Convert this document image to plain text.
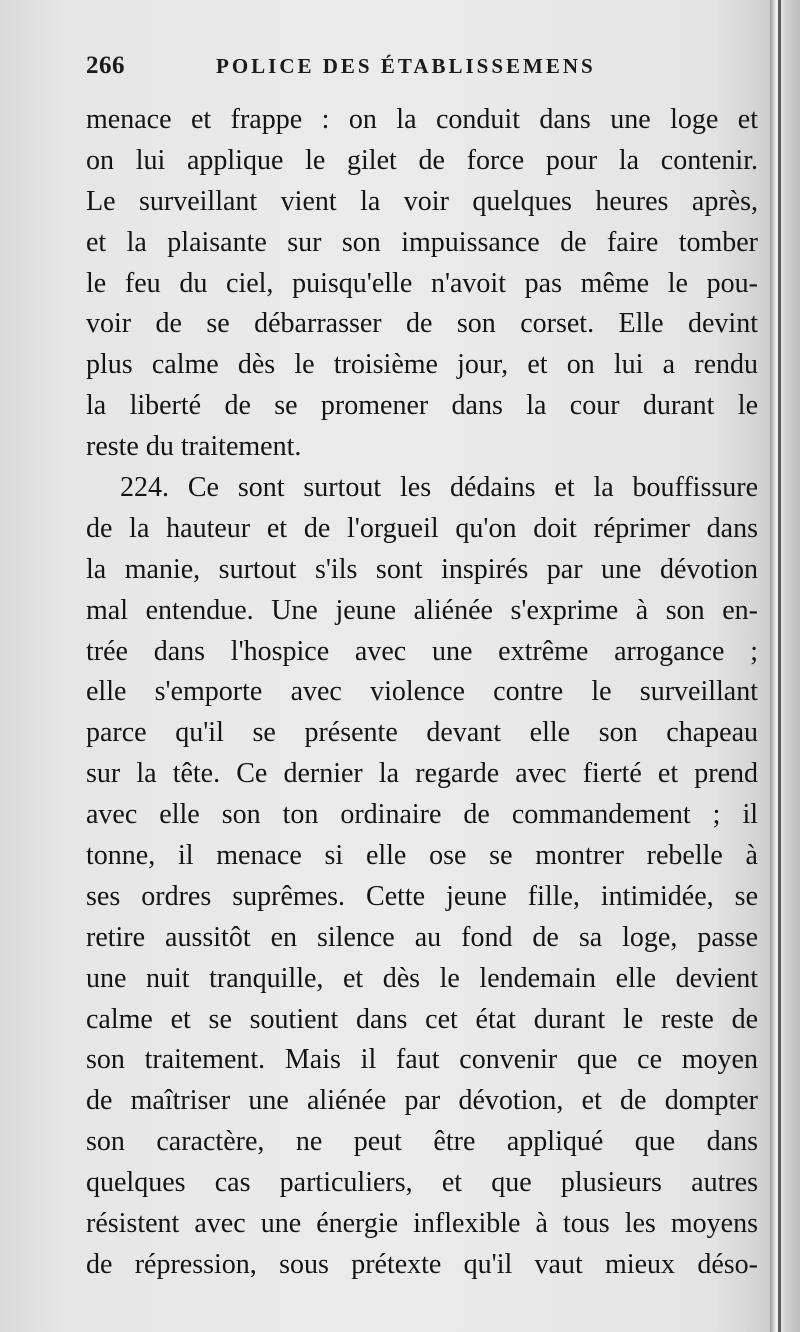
266	POLICE DES ÉTABLISSEMENS
menace et frappe : on la conduit dans une loge et
on lui applique le gilet de force pour la contenir.
Le surveillant vient la voir quelques heures après,
et la plaisante sur son impuissance de faire tomber
le feu du ciel, puisqu'elle n'avoit pas même le pou-
voir de se débarrasser de son corset. Elle devint
plus calme dès le troisième jour, et on lui a rendu
la liberté de se promener dans la cour durant le
reste du traitement.
224. Ce sont surtout les dédains et la bouffissure
de la hauteur et de l'orgueil qu'on doit réprimer dans
la manie, surtout s'ils sont inspirés par une dévotion
mal entendue. Une jeune aliénée s'exprime à son en-
trée dans l'hospice avec une extrême arrogance ;
elle s'emporte avec violence contre le surveillant
parce qu'il se présente devant elle son chapeau
sur la tête. Ce dernier la regarde avec fierté et prend
avec elle son ton ordinaire de commandement ; il
tonne, il menace si elle ose se montrer rebelle à
ses ordres suprêmes. Cette jeune fille, intimidée, se
retire aussitôt en silence au fond de sa loge, passe
une nuit tranquille, et dès le lendemain elle devient
calme et se soutient dans cet état durant le reste de
son traitement. Mais il faut convenir que ce moyen
de maîtriser une aliénée par dévotion, et de dompter
son caractère, ne peut être appliqué que dans
quelques cas particuliers, et que plusieurs autres
résistent avec une énergie inflexible à tous les moyens
de répression, sous prétexte qu'il vaut mieux déso-
